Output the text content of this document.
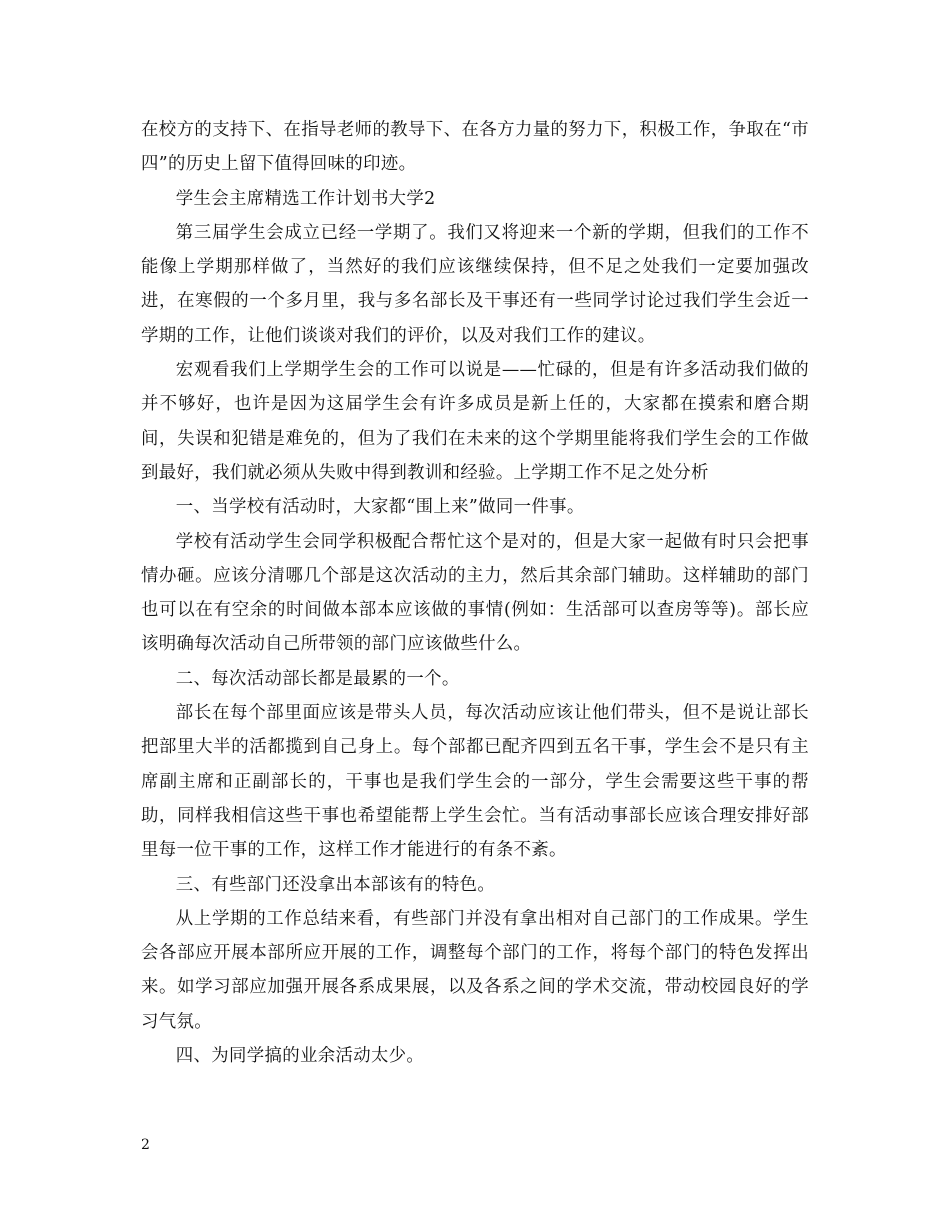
在校方的支持下、在指导老师的教导下、在各方力量的努力下，积极工作，争取在“市四”的历史上留下值得回味的印迹。

学生会主席精选工作计划书大学2

第三届学生会成立已经一学期了。我们又将迎来一个新的学期，但我们的工作不能像上学期那样做了，当然好的我们应该继续保持，但不足之处我们一定要加强改进，在寒假的一个多月里，我与多名部长及干事还有一些同学讨论过我们学生会近一学期的工作，让他们谈谈对我们的评价，以及对我们工作的建议。

宏观看我们上学期学生会的工作可以说是——忙碌的，但是有许多活动我们做的并不够好，也许是因为这届学生会有许多成员是新上任的，大家都在摸索和磨合期间，失误和犯错是难免的，但为了我们在未来的这个学期里能将我们学生会的工作做到最好，我们就必须从失败中得到教训和经验。上学期工作不足之处分析

一、当学校有活动时，大家都“围上来”做同一件事。

学校有活动学生会同学积极配合帮忙这个是对的，但是大家一起做有时只会把事情办砸。应该分清哪几个部是这次活动的主力，然后其余部门辅助。这样辅助的部门也可以在有空余的时间做本部本应该做的事情(例如：生活部可以查房等等)。部长应该明确每次活动自己所带领的部门应该做些什么。

二、每次活动部长都是最累的一个。

部长在每个部里面应该是带头人员，每次活动应该让他们带头，但不是说让部长把部里大半的活都揽到自己身上。每个部都已配齐四到五名干事，学生会不是只有主席副主席和正副部长的，干事也是我们学生会的一部分，学生会需要这些干事的帮助，同样我相信这些干事也希望能帮上学生会忙。当有活动事部长应该合理安排好部里每一位干事的工作，这样工作才能进行的有条不紊。

三、有些部门还没拿出本部该有的特色。

从上学期的工作总结来看，有些部门并没有拿出相对自己部门的工作成果。学生会各部应开展本部所应开展的工作，调整每个部门的工作，将每个部门的特色发挥出来。如学习部应加强开展各系成果展，以及各系之间的学术交流，带动校园良好的学习气氛。

四、为同学搞的业余活动太少。

2
